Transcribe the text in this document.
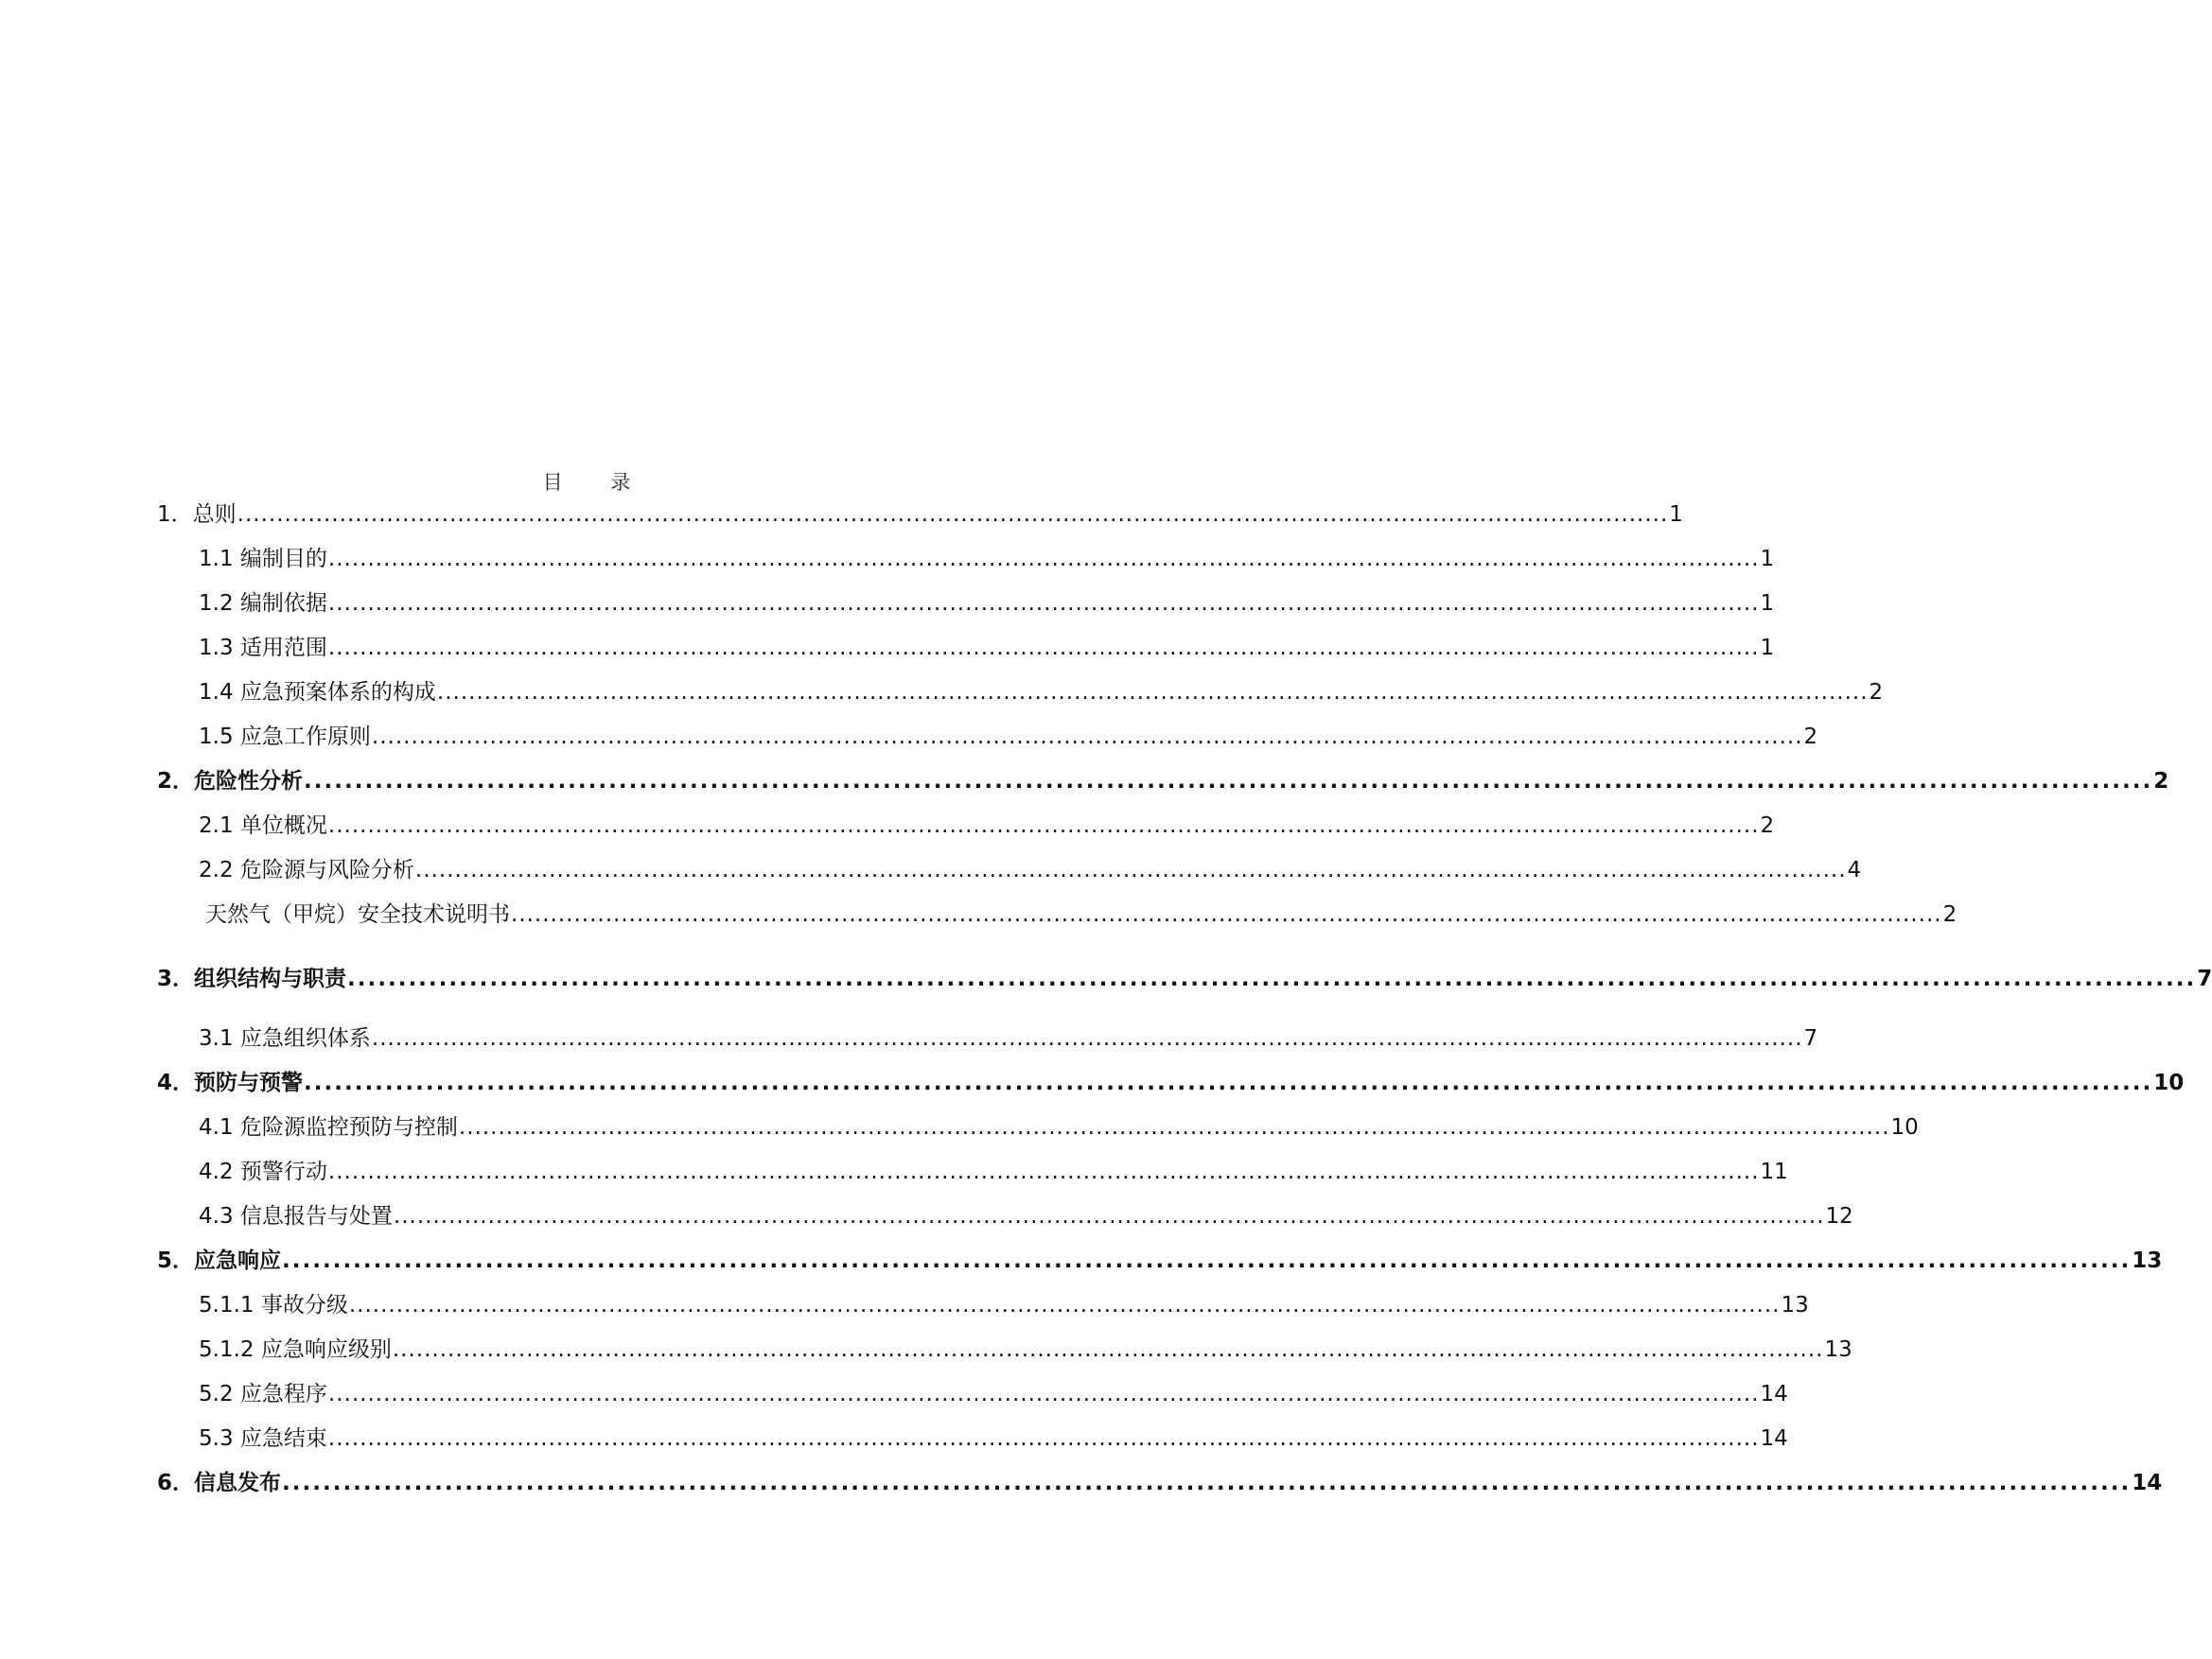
目 录
1．总则 ...................................................................................................................................................................................... 1
1.1 编制目的 ...................................................................................................................................................................................... 1
1.2 编制依据 ...................................................................................................................................................................................... 1
1.3 适用范围 ...................................................................................................................................................................................... 1
1.4 应急预案体系的构成 ...................................................................................................................................................................................... 2
1.5 应急工作原则 ...................................................................................................................................................................................... 2
2．危险性分析 ...................................................................................................................................................................................... 2
2.1 单位概况 ...................................................................................................................................................................................... 2
2.2 危险源与风险分析 ...................................................................................................................................................................................... 4
天然气（甲烷）安全技术说明书 ...................................................................................................................................................................................... 2
3．组织结构与职责 ...................................................................................................................................................................................... 7
3.1 应急组织体系 ...................................................................................................................................................................................... 7
4．预防与预警 ...................................................................................................................................................................................... 10
4.1 危险源监控预防与控制 ...................................................................................................................................................................................... 10
4.2 预警行动 ...................................................................................................................................................................................... 11
4.3 信息报告与处置 ...................................................................................................................................................................................... 12
5．应急响应 ...................................................................................................................................................................................... 13
5.1.1 事故分级 ...................................................................................................................................................................................... 13
5.1.2 应急响应级别 ...................................................................................................................................................................................... 13
5.2 应急程序 ...................................................................................................................................................................................... 14
5.3 应急结束 ...................................................................................................................................................................................... 14
6．信息发布 ...................................................................................................................................................................................... 14
